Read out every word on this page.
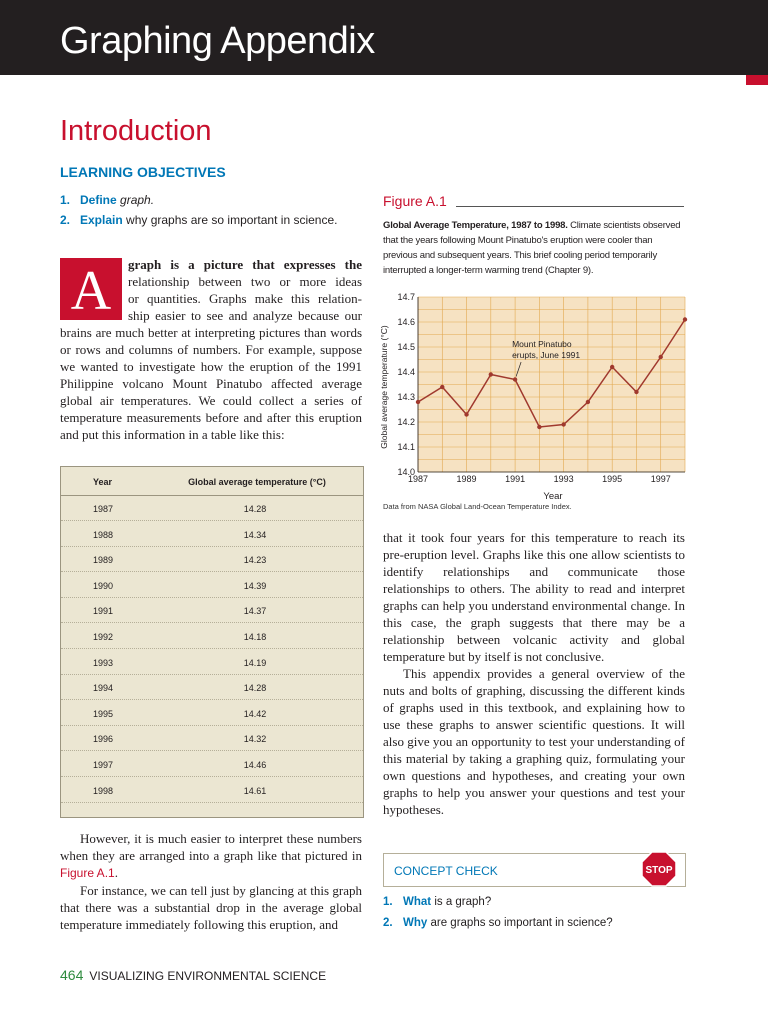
Graphing Appendix
Introduction
LEARNING OBJECTIVES
1. Define graph.
2. Explain why graphs are so important in science.
A	graph is a picture that expresses the

relationship between two or more ideas

or quantities. Graphs make this relation-

ship easier to see and analyze because our

brains are much better at interpreting pictures than words or rows and columns of numbers. For example, suppose we wanted to investigate how the eruption of the 1991 Philippine volcano Mount Pinatubo affected average global air temperatures. We could collect a series of temperature measurements before and after this eruption and put this information in a table like this:

Year	Global average temperature (°C)
1987	14.28
1988	14.34
1989	14.23
1990	14.39
1991	14.37
1992	14.18
1993	14.19
1994	14.28
1995	14.42
1996	14.32
1997	14.46
1998	14.61

However, it is much easier to interpret these numbers when they are arranged into a graph like that pictured in Figure A.1.

For instance, we can tell just by glancing at this graph that there was a substantial drop in the average global temperature immediately following this eruption, and

Figure A.1
Global Average Temperature, 1987 to 1998. Climate scientists observed that the years following Mount Pinatubo's eruption were cooler than previous and subsequent years. This brief cooling period temporarily interrupted a longer-term warming trend (Chapter 9).
14.0
14.1
14.2
14.3
14.4
14.5
14.6
14.7
1987	1989	1991	1993	1995	1997
Mount Pinatubo
erupts, June 1991
Global average temperature (°C)
Year
Data from NASA Global Land-Ocean Temperature Index.

that it took four years for this temperature to reach its pre-eruption level. Graphs like this one allow scientists to identify relationships and communicate those relationships to others. The ability to read and interpret graphs can help you understand environmental change. In this case, the graph suggests that there may be a relationship between volcanic activity and global temperature but by itself is not conclusive.

This appendix provides a general overview of the nuts and bolts of graphing, discussing the different kinds of graphs used in this textbook, and explaining how to use these graphs to answer scientific questions. It will also give you an opportunity to test your understanding of this material by taking a graphing quiz, formulating your own questions and hypotheses, and creating your own graphs to help you answer your questions and test your hypotheses.

CONCEPT CHECK	STOP
1. What is a graph?
2. Why are graphs so important in science?
464 VISUALIZING ENVIRONMENTAL SCIENCE
